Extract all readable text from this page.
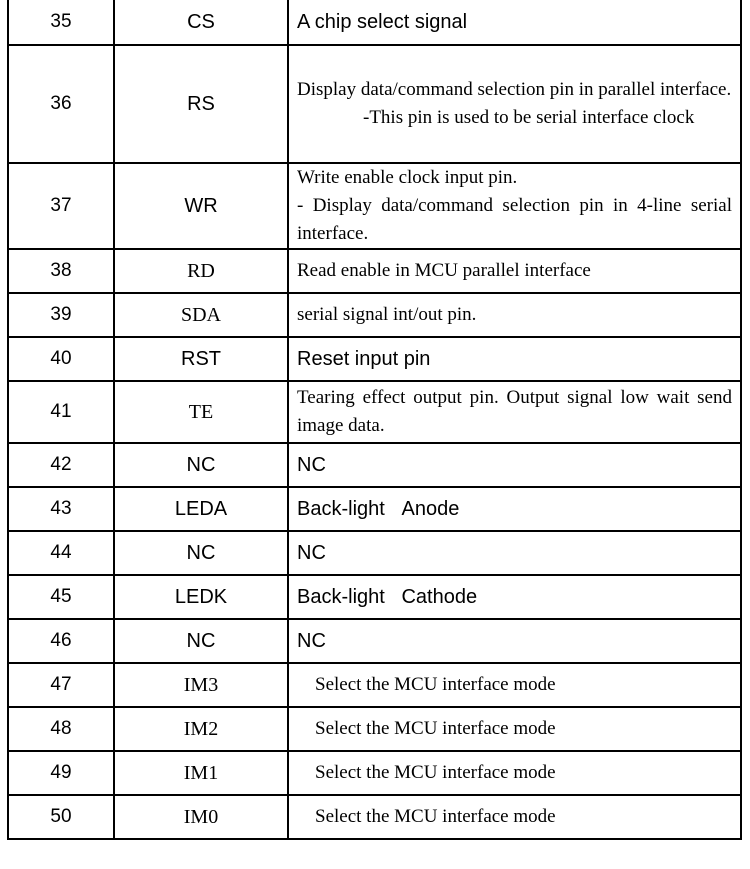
35	CS	A chip select signal

36	RS	Display data/command selection pin in parallel interface.
-This pin is used to be serial interface clock

37	WR	Write enable clock input pin.
- Display data/command selection pin in 4-line serial interface.

38	RD	Read enable in MCU parallel interface

39	SDA	serial signal int/out pin.

40	RST	Reset input pin

41	TE	Tearing effect output pin. Output signal low wait send image data.

42	NC	NC

43	LEDA	Back-light   Anode

44	NC	NC

45	LEDK	Back-light   Cathode

46	NC	NC

47	IM3	Select the MCU interface mode

48	IM2	Select the MCU interface mode

49	IM1	Select the MCU interface mode

50	IM0	Select the MCU interface mode
